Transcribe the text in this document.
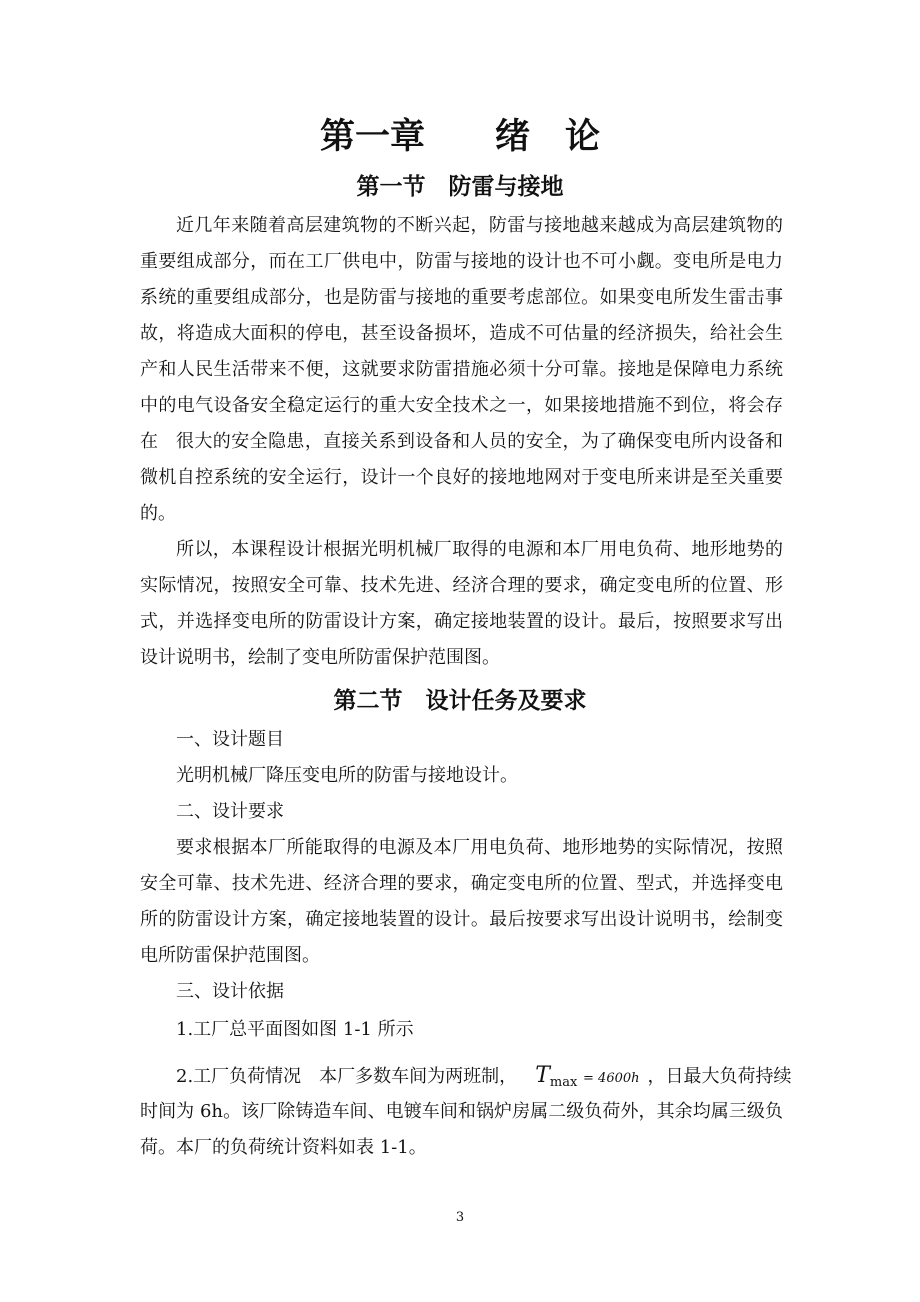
第一章　　绪　论
第一节　防雷与接地

近几年来随着高层建筑物的不断兴起，防雷与接地越来越成为高层建筑物的重要组成部分，而在工厂供电中，防雷与接地的设计也不可小觑。变电所是电力系统的重要组成部分，也是防雷与接地的重要考虑部位。如果变电所发生雷击事故，将造成大面积的停电，甚至设备损坏，造成不可估量的经济损失，给社会生产和人民生活带来不便，这就要求防雷措施必须十分可靠。接地是保障电力系统中的电气设备安全稳定运行的重大安全技术之一，如果接地措施不到位，将会存在	很大的安全隐患，直接关系到设备和人员的安全，为了确保变电所内设备和微机自控系统的安全运行，设计一个良好的接地地网对于变电所来讲是至关重要的。

所以，本课程设计根据光明机械厂取得的电源和本厂用电负荷、地形地势的实际情况，按照安全可靠、技术先进、经济合理的要求，确定变电所的位置、形式，并选择变电所的防雷设计方案，确定接地装置的设计。最后，按照要求写出设计说明书，绘制了变电所防雷保护范围图。

第二节　设计任务及要求
一、设计题目
光明机械厂降压变电所的防雷与接地设计。
二、设计要求

要求根据本厂所能取得的电源及本厂用电负荷、地形地势的实际情况，按照安全可靠、技术先进、经济合理的要求，确定变电所的位置、型式，并选择变电所的防雷设计方案，确定接地装置的设计。最后按要求写出设计说明书，绘制变电所防雷保护范围图。

三、设计依据
1.工厂总平面图如图 1-1 所示
2.工厂负荷情况　本厂多数车间为两班制， $T_{max} = 4600h$ ，日最大负荷持续

时间为 6h。该厂除铸造车间、电镀车间和锅炉房属二级负荷外，其余均属三级负荷。本厂的负荷统计资料如表 1-1。

3
